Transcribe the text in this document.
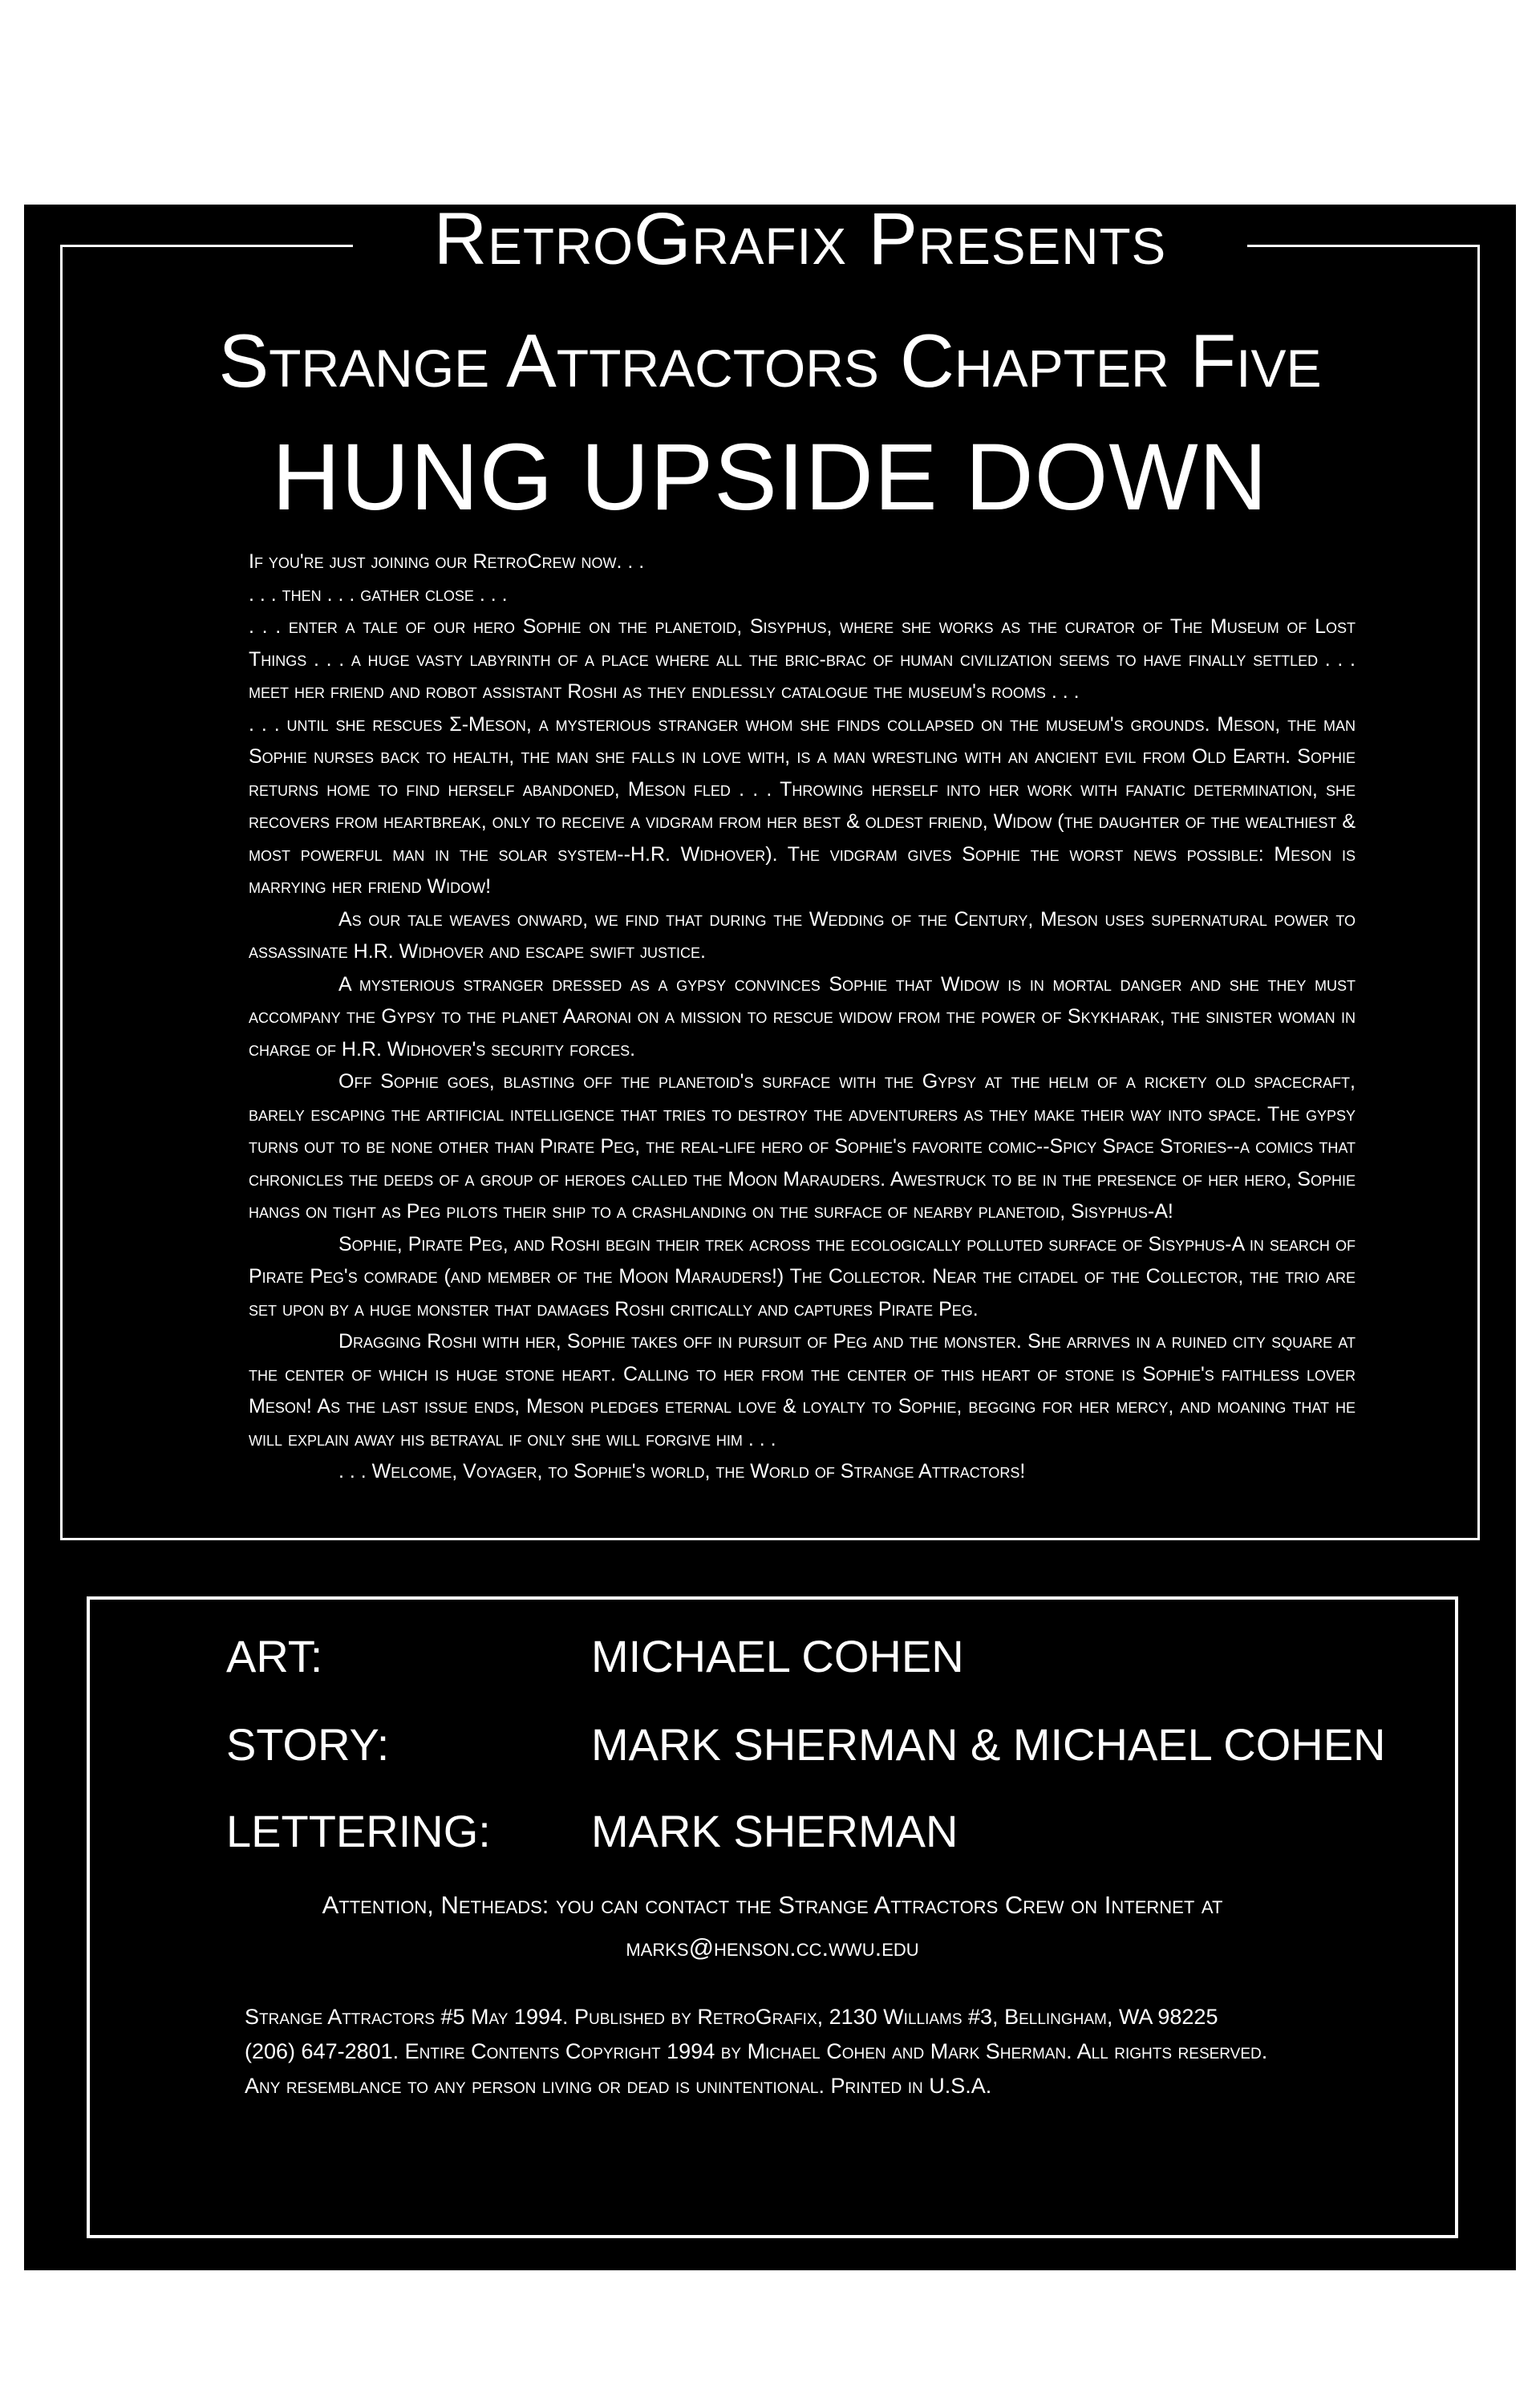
RetroGrafix Presents
Strange Attractors Chapter Five
HUNG UPSIDE DOWN

If you're just joining our RetroCrew now. . .

. . . then . . . gather close . . .

. . . enter a tale of our hero Sophie on the planetoid, Sisyphus, where she works as the curator of The Museum of Lost Things . . . a huge vasty labyrinth of a place where all the bric-brac of human civilization seems to have finally settled . . . meet her friend and robot assistant Roshi as they endlessly catalogue the museum's rooms . . .

. . . until she rescues Σ-Meson, a mysterious stranger whom she finds collapsed on the museum's grounds. Meson, the man Sophie nurses back to health, the man she falls in love with, is a man wrestling with an ancient evil from Old Earth. Sophie returns home to find herself abandoned, Meson fled . . . Throwing herself into her work with fanatic determination, she recovers from heartbreak, only to receive a vidgram from her best & oldest friend, Widow (the daughter of the wealthiest & most powerful man in the solar system--H.R. Widhover). The vidgram gives Sophie the worst news possible: Meson is marrying her friend Widow!

As our tale weaves onward, we find that during the Wedding of the Century, Meson uses supernatural power to assassinate H.R. Widhover and escape swift justice.

A mysterious stranger dressed as a gypsy convinces Sophie that Widow is in mortal danger and she they must accompany the Gypsy to the planet Aaronai on a mission to rescue widow from the power of Skykharak, the sinister woman in charge of H.R. Widhover's security forces.

Off Sophie goes, blasting off the planetoid's surface with the Gypsy at the helm of a rickety old spacecraft, barely escaping the artificial intelligence that tries to destroy the adventurers as they make their way into space. The gypsy turns out to be none other than Pirate Peg, the real-life hero of Sophie's favorite comic--Spicy Space Stories--a comics that chronicles the deeds of a group of heroes called the Moon Marauders. Awestruck to be in the presence of her hero, Sophie hangs on tight as Peg pilots their ship to a crashlanding on the surface of nearby planetoid, Sisyphus-A!

Sophie, Pirate Peg, and Roshi begin their trek across the ecologically polluted surface of Sisyphus-A in search of Pirate Peg's comrade (and member of the Moon Marauders!) The Collector. Near the citadel of the Collector, the trio are set upon by a huge monster that damages Roshi critically and captures Pirate Peg.

Dragging Roshi with her, Sophie takes off in pursuit of Peg and the monster. She arrives in a ruined city square at the center of which is huge stone heart. Calling to her from the center of this heart of stone is Sophie's faithless lover Meson! As the last issue ends, Meson pledges eternal love & loyalty to Sophie, begging for her mercy, and moaning that he will explain away his betrayal if only she will forgive him . . .

. . . Welcome, Voyager, to Sophie's world, the World of Strange Attractors!

ART:	MICHAEL COHEN
STORY:	MARK SHERMAN & MICHAEL COHEN
LETTERING: MARK SHERMAN
Attention, Netheads: you can contact the Strange Attractors Crew on Internet at
marks@henson.cc.wwu.edu
Strange Attractors #5 May 1994. Published by RetroGrafix, 2130 Williams #3, Bellingham, WA 98225
(206) 647-2801. Entire Contents Copyright 1994 by Michael Cohen and Mark Sherman. All rights reserved.
Any resemblance to any person living or dead is unintentional. Printed in U.S.A.
